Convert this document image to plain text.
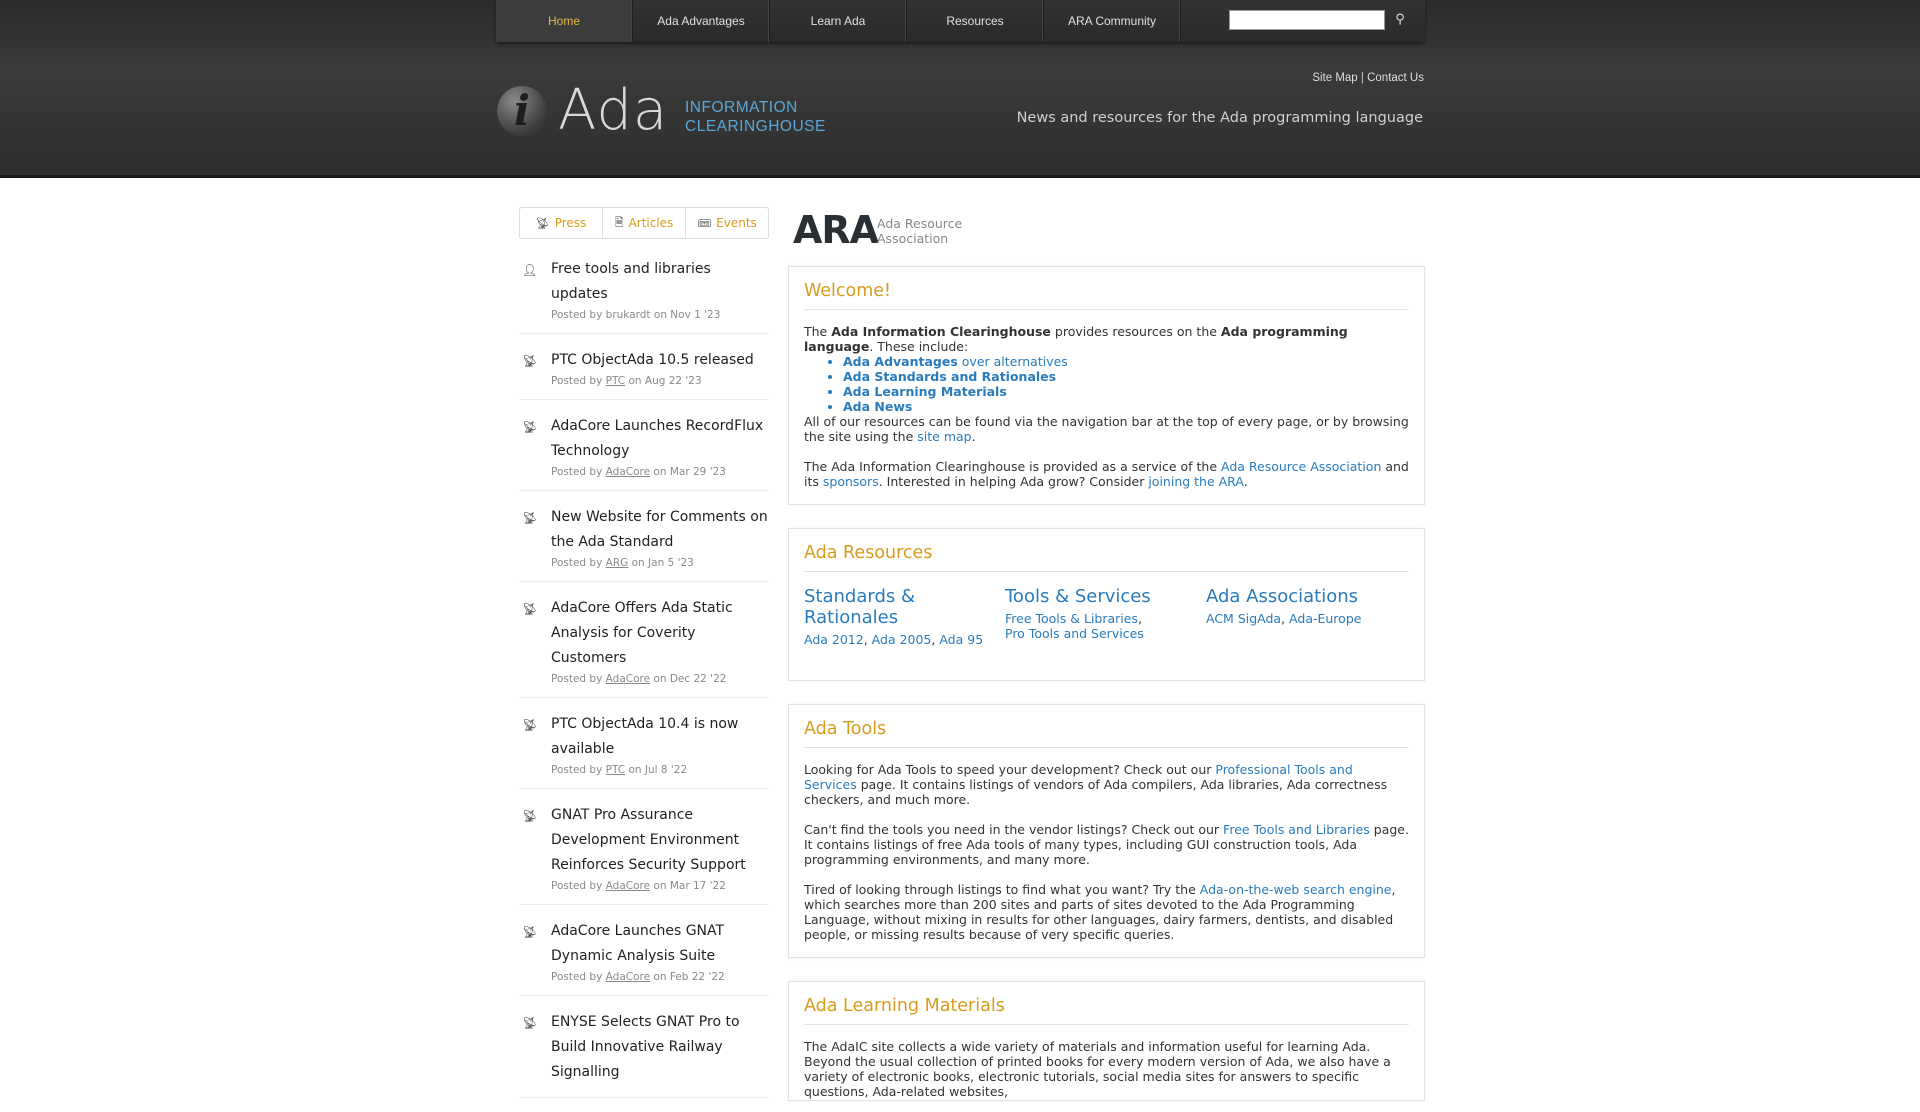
Home	Ada Advantages	Learn Ada	Resources	ARA Community	⚲
Site Map | Contact Us
i Ada INFORMATION
CLEARINGHOUSE	News and resources for the Ada programming language
📡︎ Press	🗎 Articles 🎟︎ Events
👤︎ Free tools and libraries updates
Posted by brukardt on Nov 1 '23
📡︎ PTC ObjectAda 10.5 released
Posted by PTC on Aug 22 '23
📡︎ AdaCore Launches RecordFlux Technology
Posted by AdaCore on Mar 29 '23
📡︎ New Website for Comments on the Ada Standard
Posted by ARG on Jan 5 '23
📡︎ AdaCore Offers Ada Static Analysis for Coverity Customers
Posted by AdaCore on Dec 22 '22
📡︎ PTC ObjectAda 10.4 is now available
Posted by PTC on Jul 8 '22
📡︎ GNAT Pro Assurance Development Environment Reinforces Security Support
Posted by AdaCore on Mar 17 '22
📡︎ AdaCore Launches GNAT Dynamic Analysis Suite
Posted by AdaCore on Feb 22 '22
📡︎ ENYSE Selects GNAT Pro to Build Innovative Railway Signalling
ARA
Ada Resource Association
Welcome!

The Ada Information Clearinghouse provides resources on the Ada programming language. These include:

• Ada Advantages over alternatives
• Ada Standards and Rationales
• Ada Learning Materials
• Ada News

All of our resources can be found via the navigation bar at the top of every page, or by browsing the site using the site map.

The Ada Information Clearinghouse is provided as a service of the Ada Resource Association and its sponsors. Interested in helping Ada grow? Consider joining the ARA.

Ada Resources
Standards & Rationales
Ada 2012, Ada 2005, Ada 95
Tools & Services
Free Tools & Libraries,
Pro Tools and Services
Ada Associations
ACM SigAda, Ada-Europe
Ada Tools

Looking for Ada Tools to speed your development? Check out our Professional Tools and Services page. It contains listings of vendors of Ada compilers, Ada libraries, Ada correctness checkers, and much more.

Can't find the tools you need in the vendor listings? Check out our Free Tools and Libraries page. It contains listings of free Ada tools of many types, including GUI construction tools, Ada programming environments, and many more.

Tired of looking through listings to find what you want? Try the Ada-on-the-web search engine, which searches more than 200 sites and parts of sites devoted to the Ada Programming Language, without mixing in results for other languages, dairy farmers, dentists, and disabled people, or missing results because of very specific queries.

Ada Learning Materials

The AdaIC site collects a wide variety of materials and information useful for learning Ada. Beyond the usual collection of printed books for every modern version of Ada, we also have a variety of electronic books, electronic tutorials, social media sites for answers to specific questions, Ada-related websites,
